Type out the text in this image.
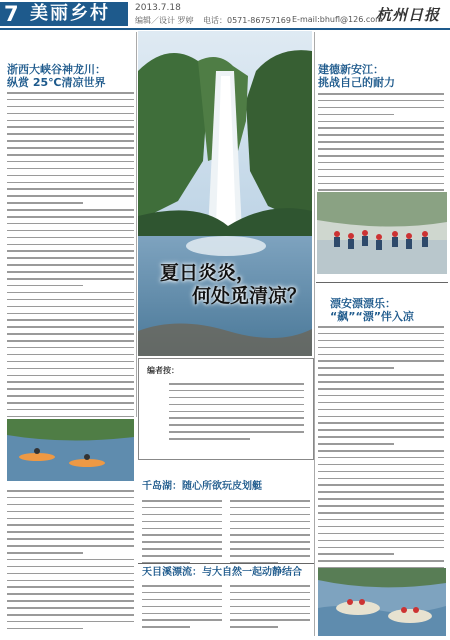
7 美丽乡村	2013.7.18
编辑／设计 罗婷 电话：0571-86757169 E-mail:bhufl@126.com
杭州日报
浙西大峡谷神龙川：
纵赏 25℃清凉世界
夏日炎炎，
何处觅清凉？
建德新安江：
挑战自己的耐力
漂安漂漂乐：
“飙”“漂”伴入凉
编者按：
千岛湖：随心所欲玩皮划艇
天目溪漂流：与大自然一起动静结合
